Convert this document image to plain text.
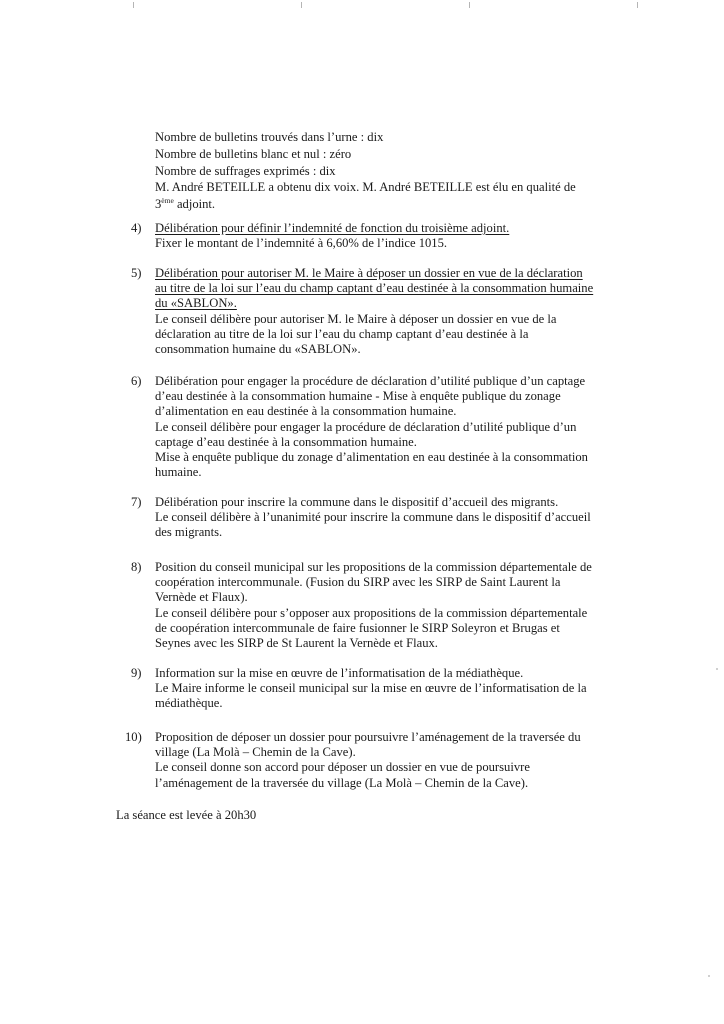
Nombre de bulletins trouvés dans l’urne : dix

Nombre de bulletins blanc et nul : zéro

Nombre de suffrages exprimés : dix

M. André BETEILLE a obtenu dix voix. M. André BETEILLE est élu en qualité de

3ème adjoint.

4)	Délibération pour définir l’indemnité de fonction du troisième adjoint.

Fixer le montant de l’indemnité à 6,60% de l’indice 1015.

5)	Délibération pour autoriser M. le Maire à déposer un dossier en vue de la déclaration

au titre de la loi sur l’eau du champ captant d’eau destinée à la consommation humaine

du «SABLON».

Le conseil délibère pour autoriser M. le Maire à déposer un dossier en vue de la

déclaration au titre de la loi sur l’eau du champ captant d’eau destinée à la

consommation humaine du «SABLON».

6)	Délibération pour engager la procédure de déclaration d’utilité publique d’un captage

d’eau destinée à la consommation humaine - Mise à enquête publique du zonage

d’alimentation en eau destinée à la consommation humaine.

Le conseil délibère pour engager la procédure de déclaration d’utilité publique d’un

captage d’eau destinée à la consommation humaine.

Mise à enquête publique du zonage d’alimentation en eau destinée à la consommation

humaine.

7)	Délibération pour inscrire la commune dans le dispositif d’accueil des migrants.

Le conseil délibère à l’unanimité pour inscrire la commune dans le dispositif d’accueil

des migrants.

8)	Position du conseil municipal sur les propositions de la commission départementale de

coopération intercommunale. (Fusion du SIRP avec les SIRP de Saint Laurent la

Vernède et Flaux).

Le conseil délibère pour s’opposer aux propositions de la commission départementale

de coopération intercommunale de faire fusionner le SIRP Soleyron et Brugas et

Seynes avec les SIRP de St Laurent la Vernède et Flaux.

9)	Information sur la mise en œuvre de l’informatisation de la médiathèque.

Le Maire informe le conseil municipal sur la mise en œuvre de l’informatisation de la

médiathèque.

10)	Proposition de déposer un dossier pour poursuivre l’aménagement de la traversée du

village (La Molà – Chemin de la Cave).

Le conseil donne son accord pour déposer un dossier en vue de poursuivre

l’aménagement de la traversée du village (La Molà – Chemin de la Cave).

La séance est levée à 20h30
